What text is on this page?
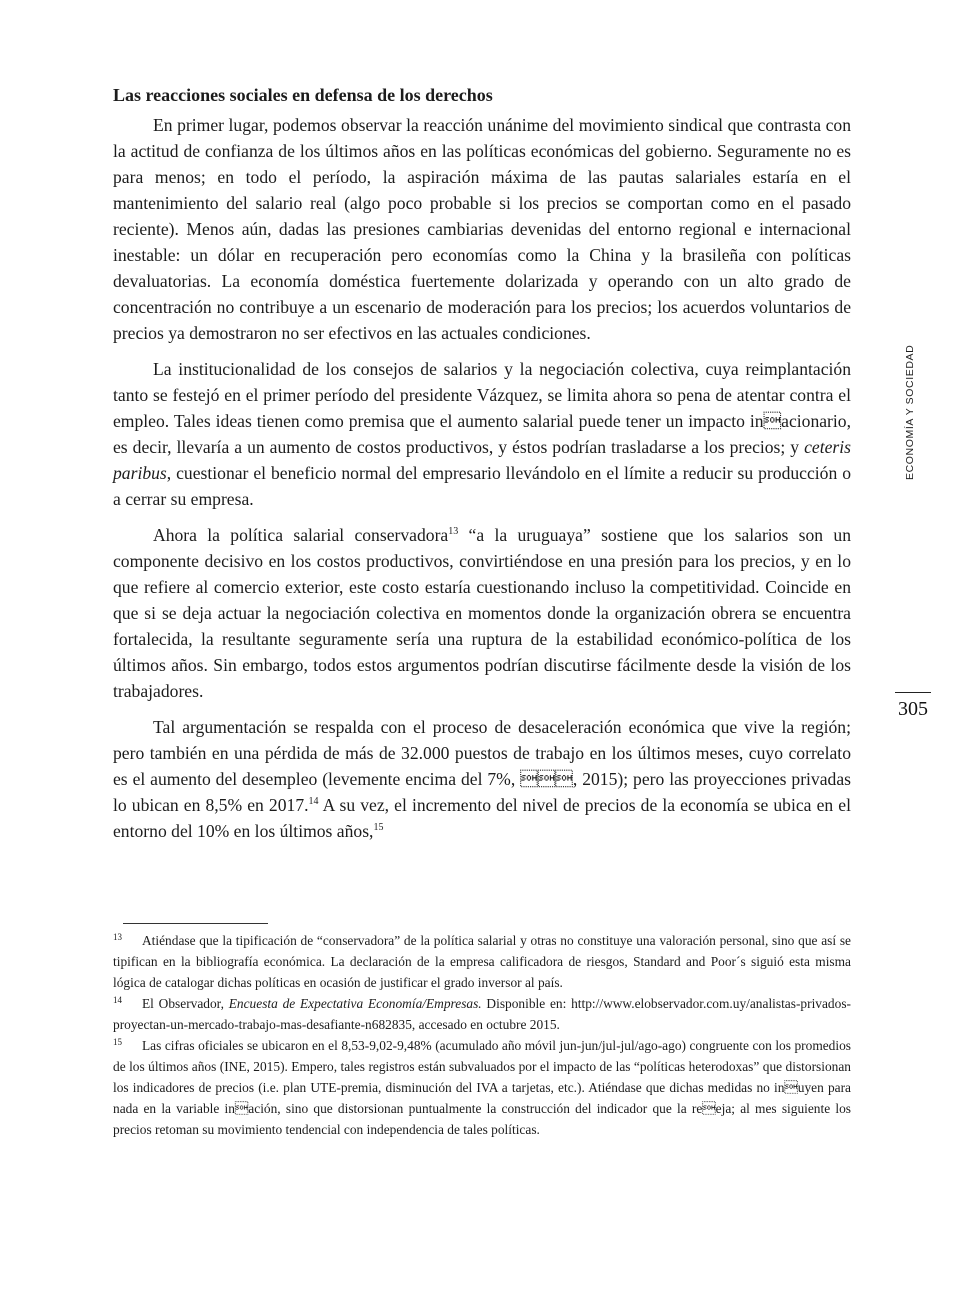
Las reacciones sociales en defensa de los derechos

En primer lugar, podemos observar la reacción unánime del movimiento sindical que contrasta con la actitud de confianza de los últimos años en las políticas económicas del gobierno. Seguramente no es para menos; en todo el período, la aspiración máxima de las pautas salariales estaría en el mantenimiento del salario real (algo poco probable si los precios se comportan como en el pasado reciente). Menos aún, dadas las presiones cambiarias devenidas del entorno regional e internacional inestable: un dólar en recuperación pero economías como la China y la brasileña con políticas devaluatorias. La economía doméstica fuertemente dolarizada y operando con un alto grado de concentración no contribuye a un escenario de moderación para los precios; los acuerdos voluntarios de precios ya demostraron no ser efectivos en las actuales condiciones.

La institucionalidad de los consejos de salarios y la negociación colectiva, cuya reimplantación tanto se festejó en el primer período del presidente Vázquez, se limita ahora so pena de atentar contra el empleo. Tales ideas tienen como premisa que el aumento salarial puede tener un impacto inacionario, es decir, llevaría a un aumento de costos productivos, y éstos podrían trasladarse a los precios; y ceteris paribus, cuestionar el beneficio normal del empresario llevándolo en el límite a reducir su producción o a cerrar su empresa.

Ahora la política salarial conservadora$^{13}$ “a la uruguaya” sostiene que los salarios son un componente decisivo en los costos productivos, convirtiéndose en una presión para los precios, y en lo que refiere al comercio exterior, este costo estaría cuestionando incluso la competitividad. Coincide en que si se deja actuar la negociación colectiva en momentos donde la organización obrera se encuentra fortalecida, la resultante seguramente sería una ruptura de la estabilidad económico-política de los últimos años. Sin embargo, todos estos argumentos podrían discutirse fácilmente desde la visión de los trabajadores.

Tal argumentación se respalda con el proceso de desaceleración económica que vive la región; pero también en una pérdida de más de 32.000 puestos de trabajo en los últimos meses, cuyo correlato es el aumento del desempleo (levemente encima del 7%, , 2015); pero las proyecciones privadas lo ubican en 8,5% en 2017.14 A su vez, el incremento del nivel de precios de la economía se ubica en el entorno del 10% en los últimos años,$^{15}$

13 Atiéndase que la tipificación de “conservadora” de la política salarial y otras no constituye una valoración personal, sino que así se tipifican en la bibliografía económica. La declaración de la empresa calificadora de riesgos, Standard and Poor´s siguió esta misma lógica de catalogar dichas políticas en ocasión de justificar el grado inversor al país.

14 El Observador, Encuesta de Expectativa Economía/Empresas. Disponible en: http://www.elobservador.com.uy/analistas-privados-proyectan-un-mercado-trabajo-mas-desafiante-n682835, accesado en octubre 2015.

15 Las cifras oficiales se ubicaron en el 8,53-9,02-9,48% (acumulado año móvil jun-jun/jul-jul/ago-ago) congruente con los promedios de los últimos años (INE, 2015). Empero, tales registros están subvaluados por el impacto de las “políticas heterodoxas” que distorsionan los indicadores de precios (i.e. plan UTE-premia, disminución del IVA a tarjetas, etc.). Atiéndase que dichas medidas no inuyen para nada en la variable inación, sino que distorsionan puntualmente la construcción del indicador que la reeja; al mes siguiente los precios retoman su movimiento tendencial con independencia de tales políticas.

ECONOMÍA Y SOCIEDAD
305
